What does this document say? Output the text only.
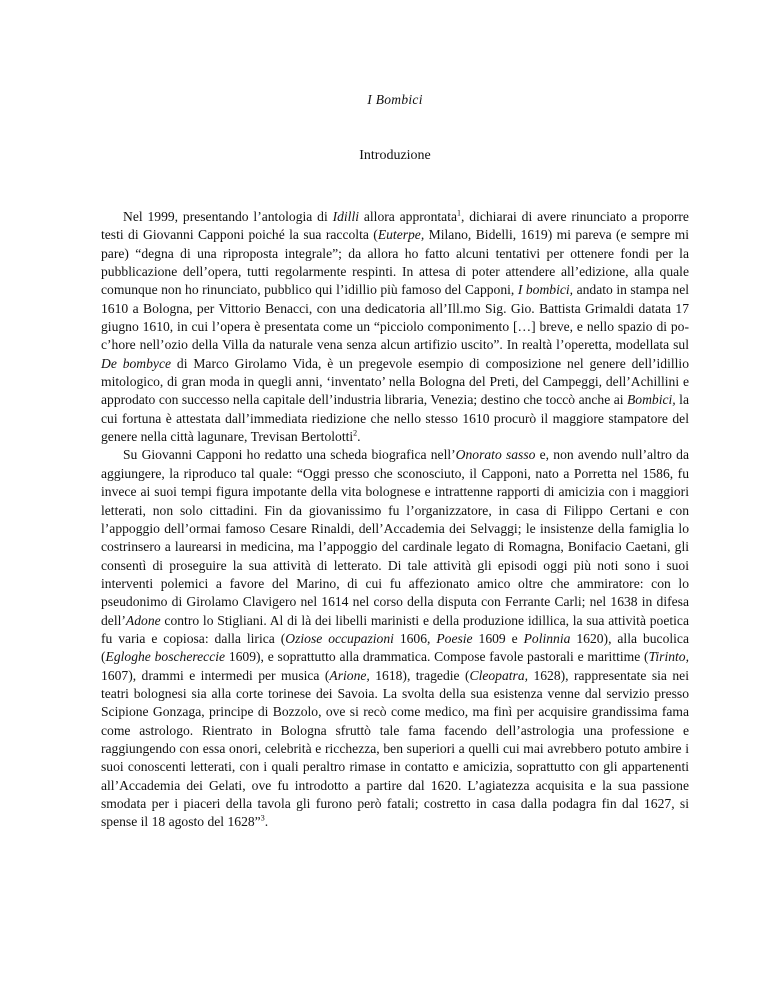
I Bombici
Introduzione

Nel 1999, presentando l’antologia di Idilli allora approntata$^1$, dichiarai di avere rinunciato a proporre testi di Giovanni Capponi poiché la sua raccolta (Euterpe, Milano, Bidelli, 1619) mi pareva (e sempre mi pare) “degna di una riproposta integrale”; da allora ho fatto alcuni tentativi per ottenere fondi per la pubblicazione dell’opera, tutti regolarmente respinti. In attesa di poter attendere all’edizione, alla quale comunque non ho rinunciato, pubblico qui l’idillio più famoso del Capponi, I bombici, andato in stampa nel 1610 a Bologna, per Vittorio Benacci, con una dedicatoria all’Ill.mo Sig. Gio. Battista Grimaldi datata 17 giugno 1610, in cui l’opera è presentata come un “picciolo componimento […] breve, e nello spazio di poc’hore nell’ozio della Villa da naturale vena senza alcun artifizio uscito”. In realtà l’operetta, modellata sul De bombyce di Marco Girolamo Vida, è un pregevole esempio di composizione nel genere dell’idillio mitologico, di gran moda in quegli anni, ‘inventato’ nella Bologna del Preti, del Campeggi, dell’Achillini e approdato con successo nella capitale dell’industria libraria, Venezia; destino che toccò anche ai Bombici, la cui fortuna è attestata dall’immediata riedizione che nello stesso 1610 procurò il maggiore stampatore del genere nella città lagunare, Trevisan Bertolotti$^2$.

Su Giovanni Capponi ho redatto una scheda biografica nell’Onorato sasso e, non avendo null’altro da aggiungere, la riproduco tal quale: “Oggi presso che sconosciuto, il Capponi, nato a Porretta nel 1586, fu invece ai suoi tempi figura impotante della vita bolognese e intrattenne rapporti di amicizia con i maggiori letterati, non solo cittadini. Fin da giovanissimo fu l’organizzatore, in casa di Filippo Certani e con l’appoggio dell’ormai famoso Cesare Rinaldi, dell’Accademia dei Selvaggi; le insistenze della famiglia lo costrinsero a laurearsi in medicina, ma l’appoggio del cardinale legato di Romagna, Bonifacio Caetani, gli consentì di proseguire la sua attività di letterato. Di tale attività gli episodi oggi più noti sono i suoi interventi polemici a favore del Marino, di cui fu affezionato amico oltre che ammiratore: con lo pseudonimo di Girolamo Clavigero nel 1614 nel corso della disputa con Ferrante Carli; nel 1638 in difesa dell’Adone contro lo Stigliani. Al di là dei libelli marinisti e della produzione idillica, la sua attività poetica fu varia e copiosa: dalla lirica (Oziose occupazioni 1606, Poesie 1609 e Polinnia 1620), alla bucolica (Egloghe boschereccie 1609), e soprattutto alla drammatica. Compose favole pastorali e marittime (Tirinto, 1607), drammi e intermedi per musica (Arione, 1618), tragedie (Cleopatra, 1628), rappresentate sia nei teatri bolognesi sia alla corte torinese dei Savoia. La svolta della sua esistenza venne dal servizio presso Scipione Gonzaga, principe di Bozzolo, ove si recò come medico, ma finì per acquisire grandissima fama come astrologo. Rientrato in Bologna sfruttò tale fama facendo dell’astrologia una professione e raggiungendo con essa onori, celebrità e ricchezza, ben superiori a quelli cui mai avrebbero potuto ambire i suoi conoscenti letterati, con i quali peraltro rimase in contatto e amicizia, soprattutto con gli appartenenti all’Accademia dei Gelati, ove fu introdotto a partire dal 1620. L’agiatezza acquisita e la sua passione smodata per i piaceri della tavola gli furono però fatali; costretto in casa dalla podagra fin dal 1627, si spense il 18 agosto del 1628”$^3$.
